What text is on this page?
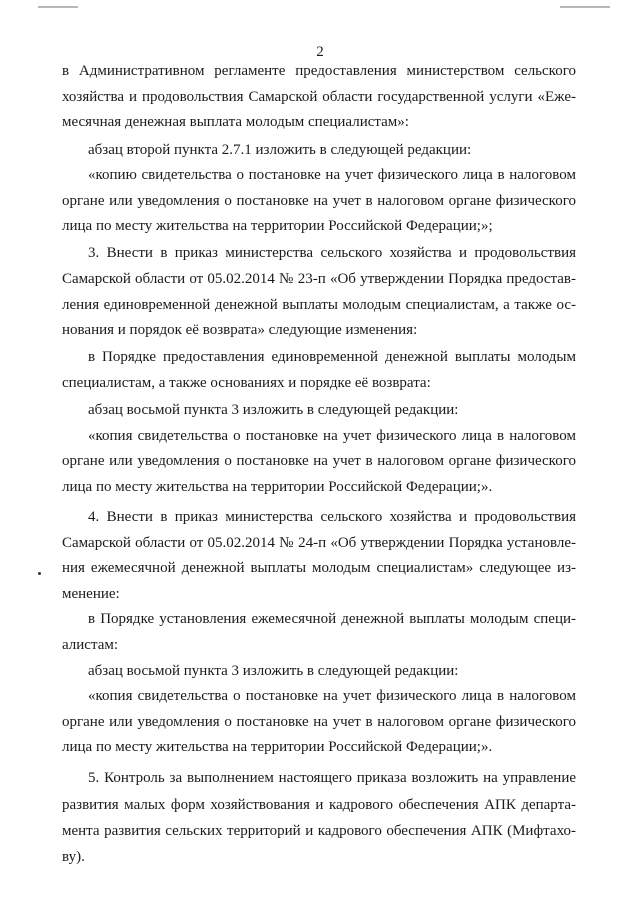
2
в Административном регламенте предоставления министерством сельского
хозяйства и продовольствия Самарской области государственной услуги «Еже-
месячная денежная выплата молодым специалистам»:
абзац второй пункта 2.7.1 изложить в следующей редакции:
«копию свидетельства о постановке на учет физического лица в налоговом
органе или уведомления о постановке на учет в налоговом органе физического
лица по месту жительства на территории Российской Федерации;»;
3. Внести в приказ министерства сельского хозяйства и продовольствия
Самарской области от 05.02.2014 № 23-п «Об утверждении Порядка предостав-
ления единовременной денежной выплаты молодым специалистам, а также ос-
нования и порядок её возврата» следующие изменения:
в Порядке предоставления единовременной денежной выплаты молодым
специалистам, а также основаниях и порядке её возврата:
абзац восьмой пункта 3 изложить в следующей редакции:
«копия свидетельства о постановке на учет физического лица в налоговом
органе или уведомления о постановке на учет в налоговом органе физического
лица по месту жительства на территории Российской Федерации;».
4. Внести в приказ министерства сельского хозяйства и продовольствия
Самарской области от 05.02.2014 № 24-п «Об утверждении Порядка установле-
ния ежемесячной денежной выплаты молодым специалистам» следующее из-
менение:
в Порядке установления ежемесячной денежной выплаты молодым специ-
алистам:
абзац восьмой пункта 3 изложить в следующей редакции:
«копия свидетельства о постановке на учет физического лица в налоговом
органе или уведомления о постановке на учет в налоговом органе физического
лица по месту жительства на территории Российской Федерации;».
5. Контроль за выполнением настоящего приказа возложить на управление
развития малых форм хозяйствования и кадрового обеспечения АПК департа-
мента развития сельских территорий и кадрового обеспечения АПК (Мифтахо-
ву).
